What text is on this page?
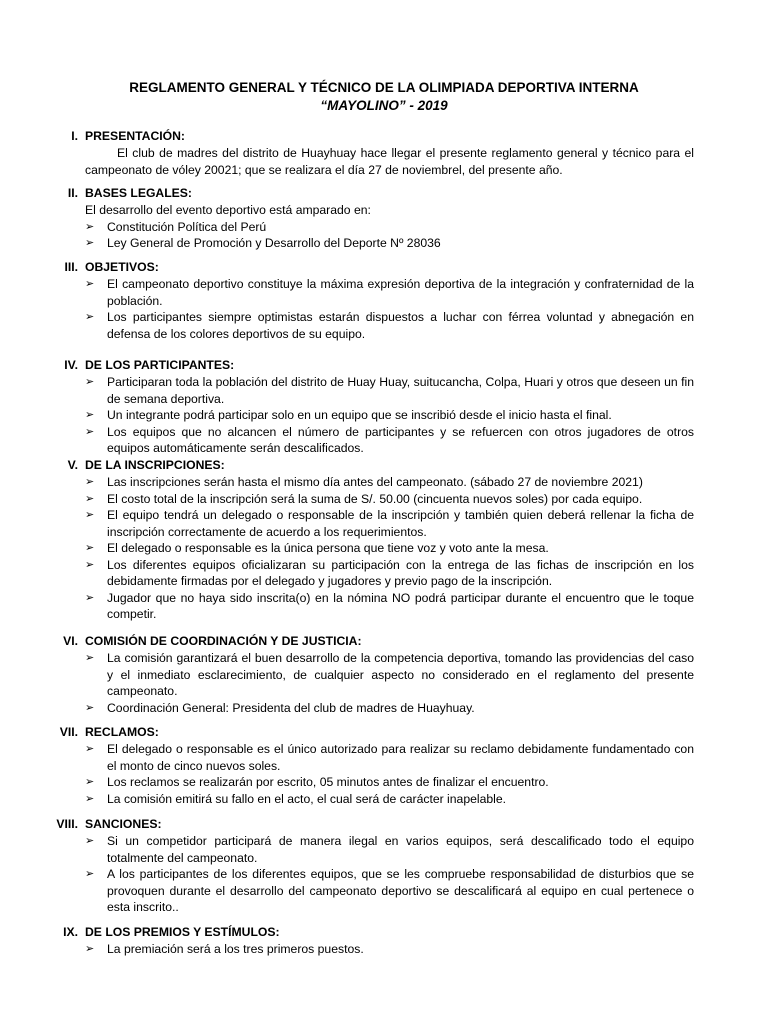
REGLAMENTO GENERAL Y TÉCNICO DE LA OLIMPIADA DEPORTIVA INTERNA
“MAYOLINO” - 2019
I. PRESENTACIÓN:
El club de madres del distrito de Huayhuay hace llegar el presente reglamento general y técnico para el campeonato de vóley 20021; que se realizara el día 27 de noviembrel, del presente año.
II. BASES LEGALES:
El desarrollo del evento deportivo está amparado en:
➢ Constitución Política del Perú
➢ Ley General de Promoción y Desarrollo del Deporte Nº 28036
III. OBJETIVOS:
➢ El campeonato deportivo constituye la máxima expresión deportiva de la integración y confraternidad de la población.
➢ Los participantes siempre optimistas estarán dispuestos a luchar con férrea voluntad y abnegación en defensa de los colores deportivos de su equipo.
IV. DE LOS PARTICIPANTES:
➢ Participaran toda la población del distrito de Huay Huay, suitucancha, Colpa, Huari y otros que deseen un fin de semana deportiva.
➢ Un integrante podrá participar solo en un equipo que se inscribió desde el inicio hasta el final.
➢ Los equipos que no alcancen el número de participantes y se refuercen con otros jugadores de otros equipos automáticamente serán descalificados.
V. DE LA INSCRIPCIONES:
➢ Las inscripciones serán hasta el mismo día antes del campeonato. (sábado 27 de noviembre 2021)
➢ El costo total de la inscripción será la suma de S/. 50.00 (cincuenta nuevos soles) por cada equipo.
➢ El equipo tendrá un delegado o responsable de la inscripción y también quien deberá rellenar la ficha de inscripción correctamente de acuerdo a los requerimientos.
➢ El delegado o responsable es la única persona que tiene voz y voto ante la mesa.
➢ Los diferentes equipos oficializaran su participación con la entrega de las fichas de inscripción en los debidamente firmadas por el delegado y jugadores y previo pago de la inscripción.
➢ Jugador que no haya sido inscrita(o) en la nómina NO podrá participar durante el encuentro que le toque competir.
VI. COMISIÓN DE COORDINACIÓN Y DE JUSTICIA:
➢ La comisión garantizará el buen desarrollo de la competencia deportiva, tomando las providencias del caso y el inmediato esclarecimiento, de cualquier aspecto no considerado en el reglamento del presente campeonato.
➢ Coordinación General: Presidenta del club de madres de Huayhuay.
VII. RECLAMOS:
➢ El delegado o responsable es el único autorizado para realizar su reclamo debidamente fundamentado con el monto de cinco nuevos soles.
➢ Los reclamos se realizarán por escrito, 05 minutos antes de finalizar el encuentro.
➢ La comisión emitirá su fallo en el acto, el cual será de carácter inapelable.
VIII. SANCIONES:
➢ Si un competidor participará de manera ilegal en varios equipos, será descalificado todo el equipo totalmente del campeonato.
➢ A los participantes de los diferentes equipos, que se les compruebe responsabilidad de disturbios que se provoquen durante el desarrollo del campeonato deportivo se descalificará al equipo en cual pertenece o esta inscrito..
IX. DE LOS PREMIOS Y ESTÍMULOS:
➢ La premiación será a los tres primeros puestos.
